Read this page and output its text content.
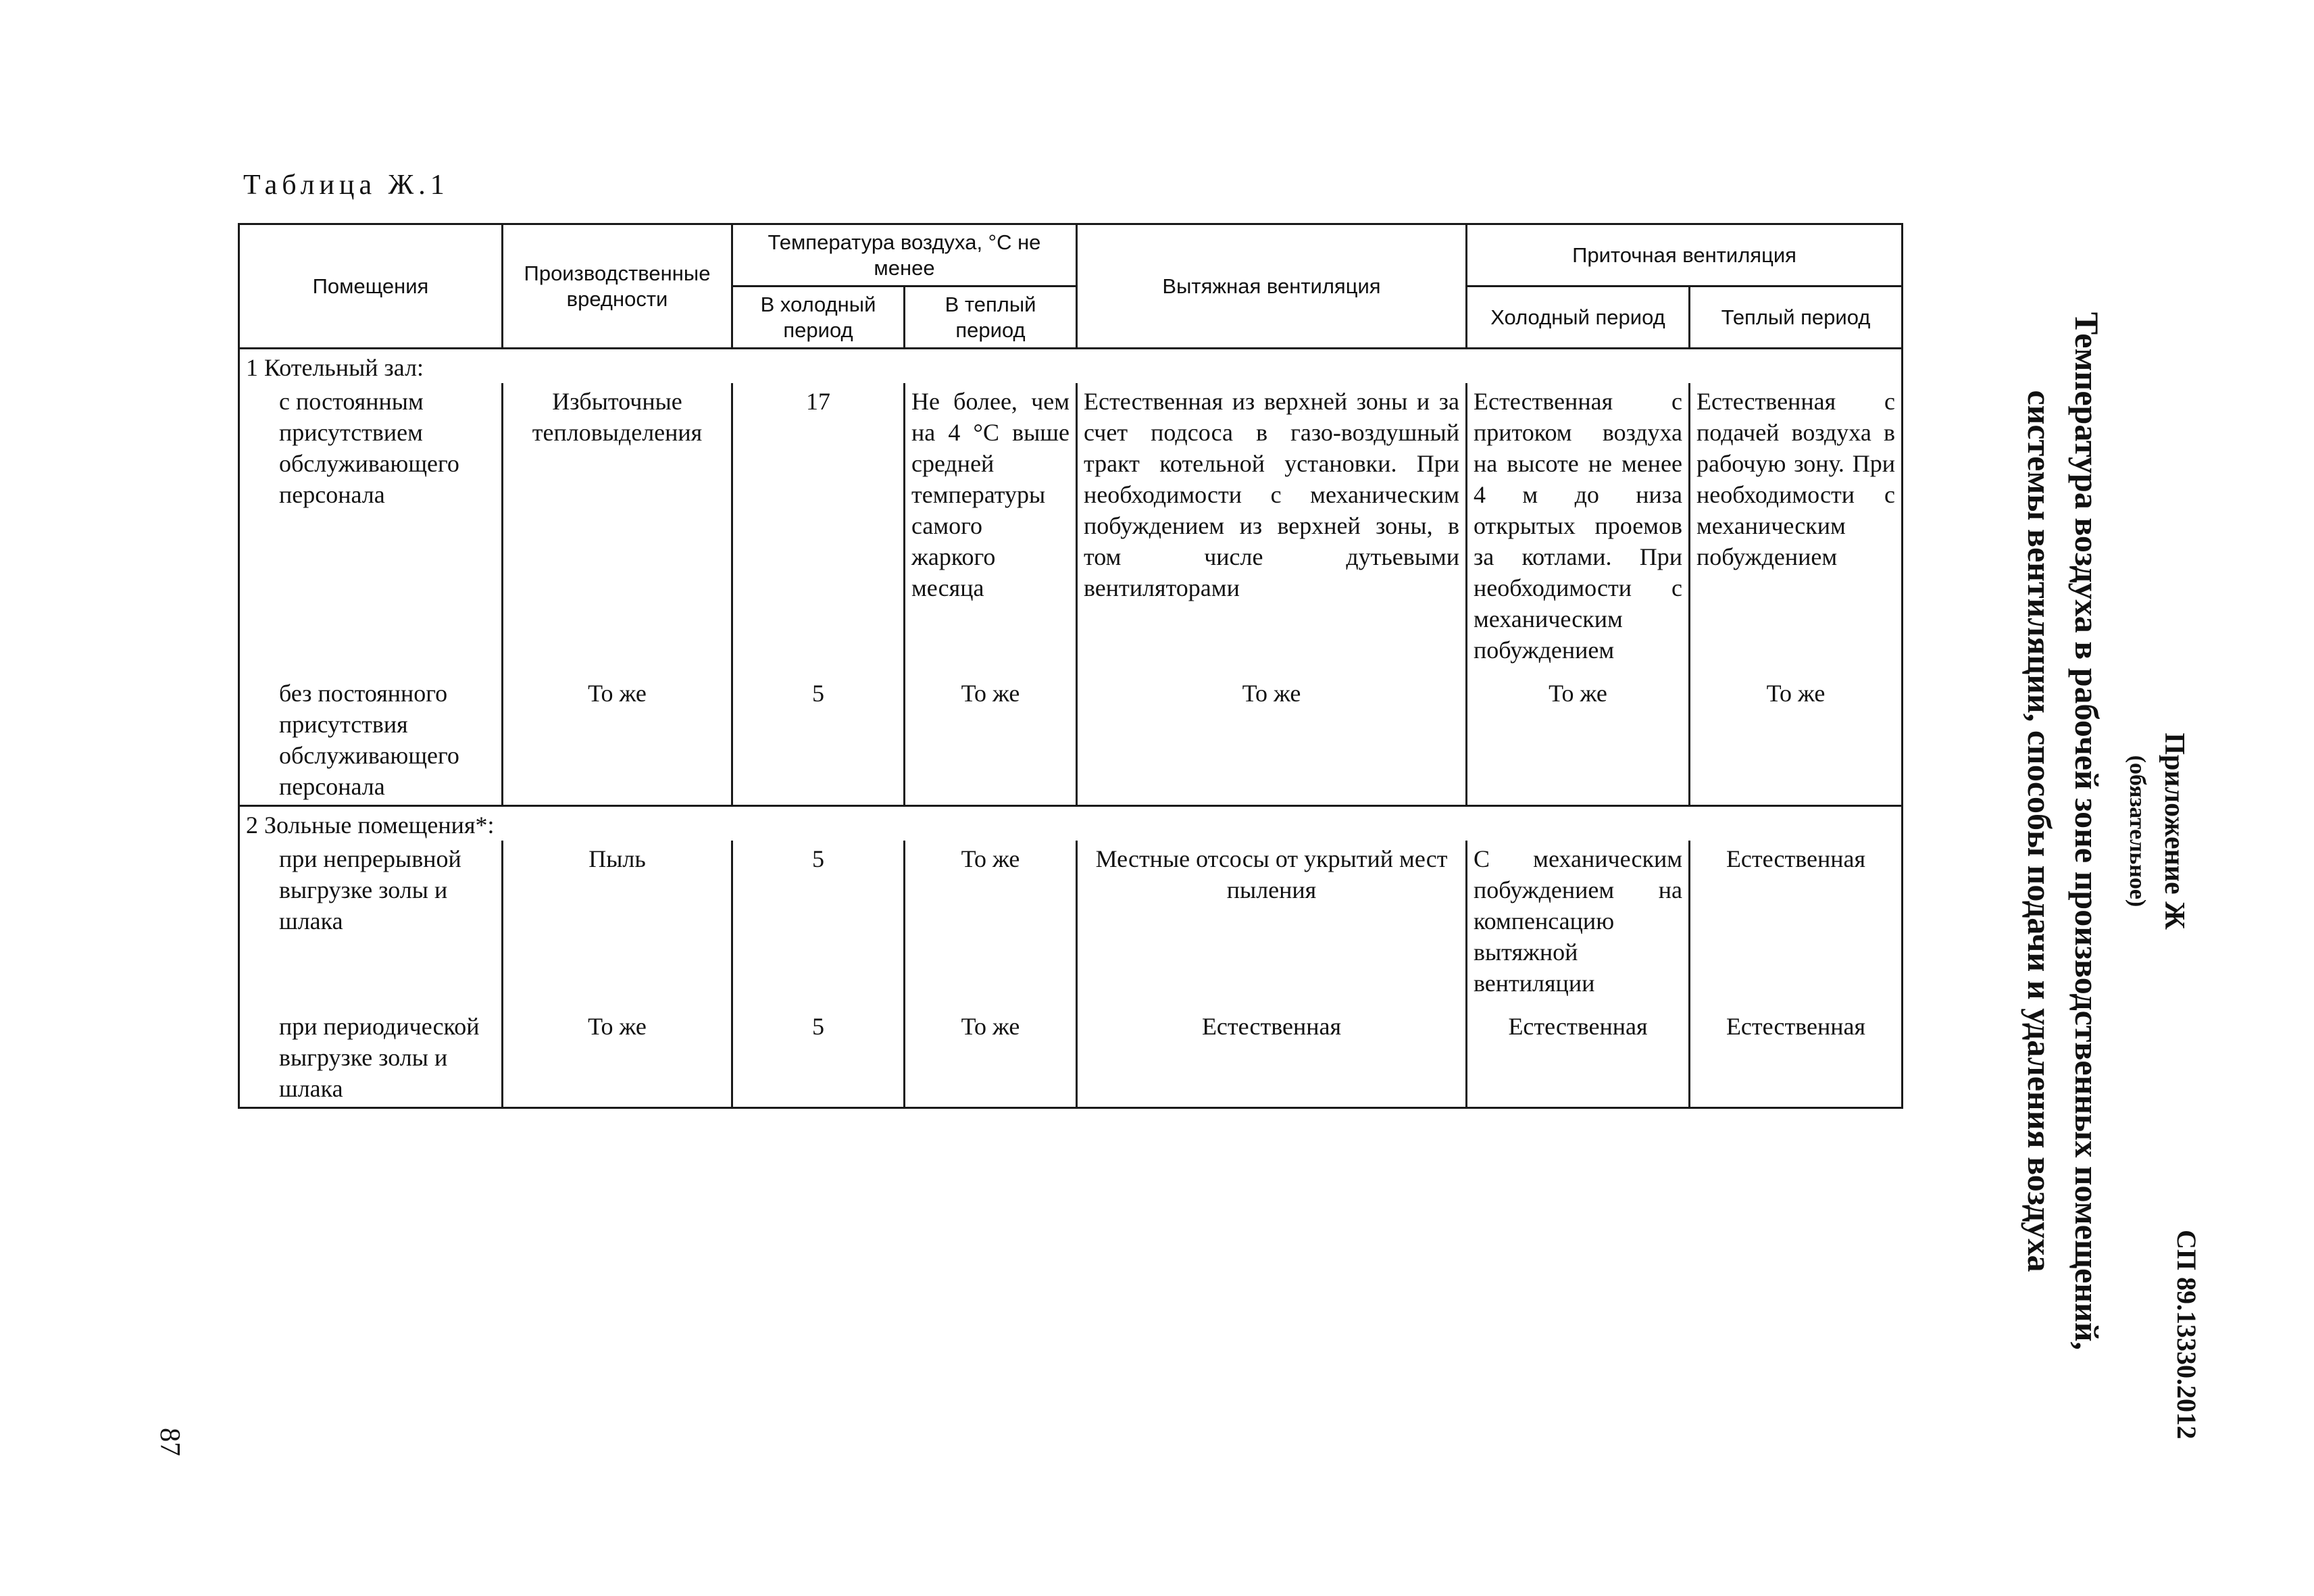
Таблица Ж.1
Помещения	Производственные вредности	Температура воздуха, °С не менее		Вытяжная вентиляция	Приточная вентиляция	
		В холодный период	В теплый период		Холодный период	Теплый период
1 Котельный зал:						
с постоянным присутствием обслуживающего персонала	Избыточные тепловыделения	17	Не более, чем на 4 °С выше средней температуры самого жаркого месяца	Естественная из верхней зоны и за счет подсоса в газо-воздушный тракт котельной установки. При необходимости с механическим побуждением из верхней зоны, в том числе дутьевыми вентиляторами	Естественная с притоком воздуха на высоте не менее 4 м до низа открытых проемов за котлами. При необходимости с механическим побуждением	Естественная с подачей воздуха в рабочую зону. При необходимости с механическим побуждением
без постоянного присутствия обслуживающего персонала	То же	5	То же	То же	То же	То же
2 Зольные помещения*:						
при непрерывной выгрузке золы и шлака	Пыль	5	То же	Местные отсосы от укрытий мест пыления	С механическим побуждением на компенсацию вытяжной вентиляции	Естественная
при периодической выгрузке золы и шлака	То же	5	То же	Естественная	Естественная	Естественная
СП 89.13330.2012
Приложение Ж
(обязательное)
Температура воздуха в рабочей зоне производственных помещений,
системы вентиляции, способы подачи и удаления воздуха
87
